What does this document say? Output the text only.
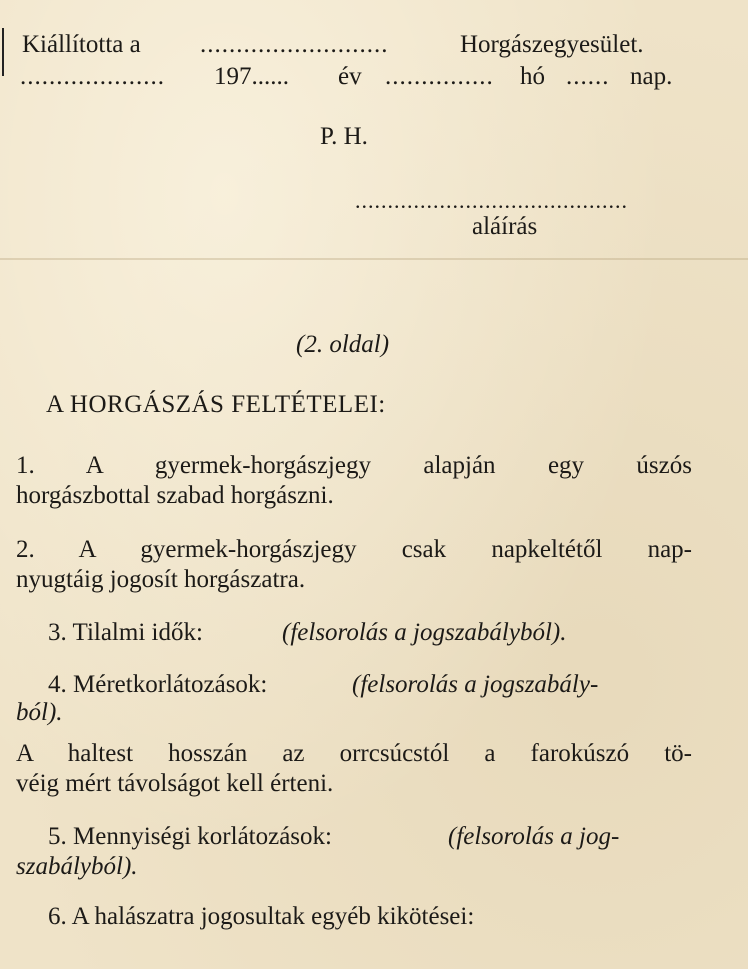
Kiállította a ..........................	Horgászegyesület.
.................... 197...... év ............... hó ...... nap.
P. H.
..........................................
aláírás
(2. oldal)
A HORGÁSZÁS FELTÉTELEI:
1. A gyermek-horgászjegy alapján egy úszós
horgászbottal szabad horgászni.
2. A gyermek-horgászjegy csak napkeltétől nap-
nyugtáig jogosít horgászatra.
3. Tilalmi idők:	(felsorolás a jogszabályból).
4. Méretkorlátozások:	(felsorolás a jogszabály-
ból).
A haltest hosszán az orrcsúcstól a farokúszó tö-
véig mért távolságot kell érteni.
5. Mennyiségi korlátozások:	(felsorolás a jog-
szabályból).
6. A halászatra jogosultak egyéb kikötései:
